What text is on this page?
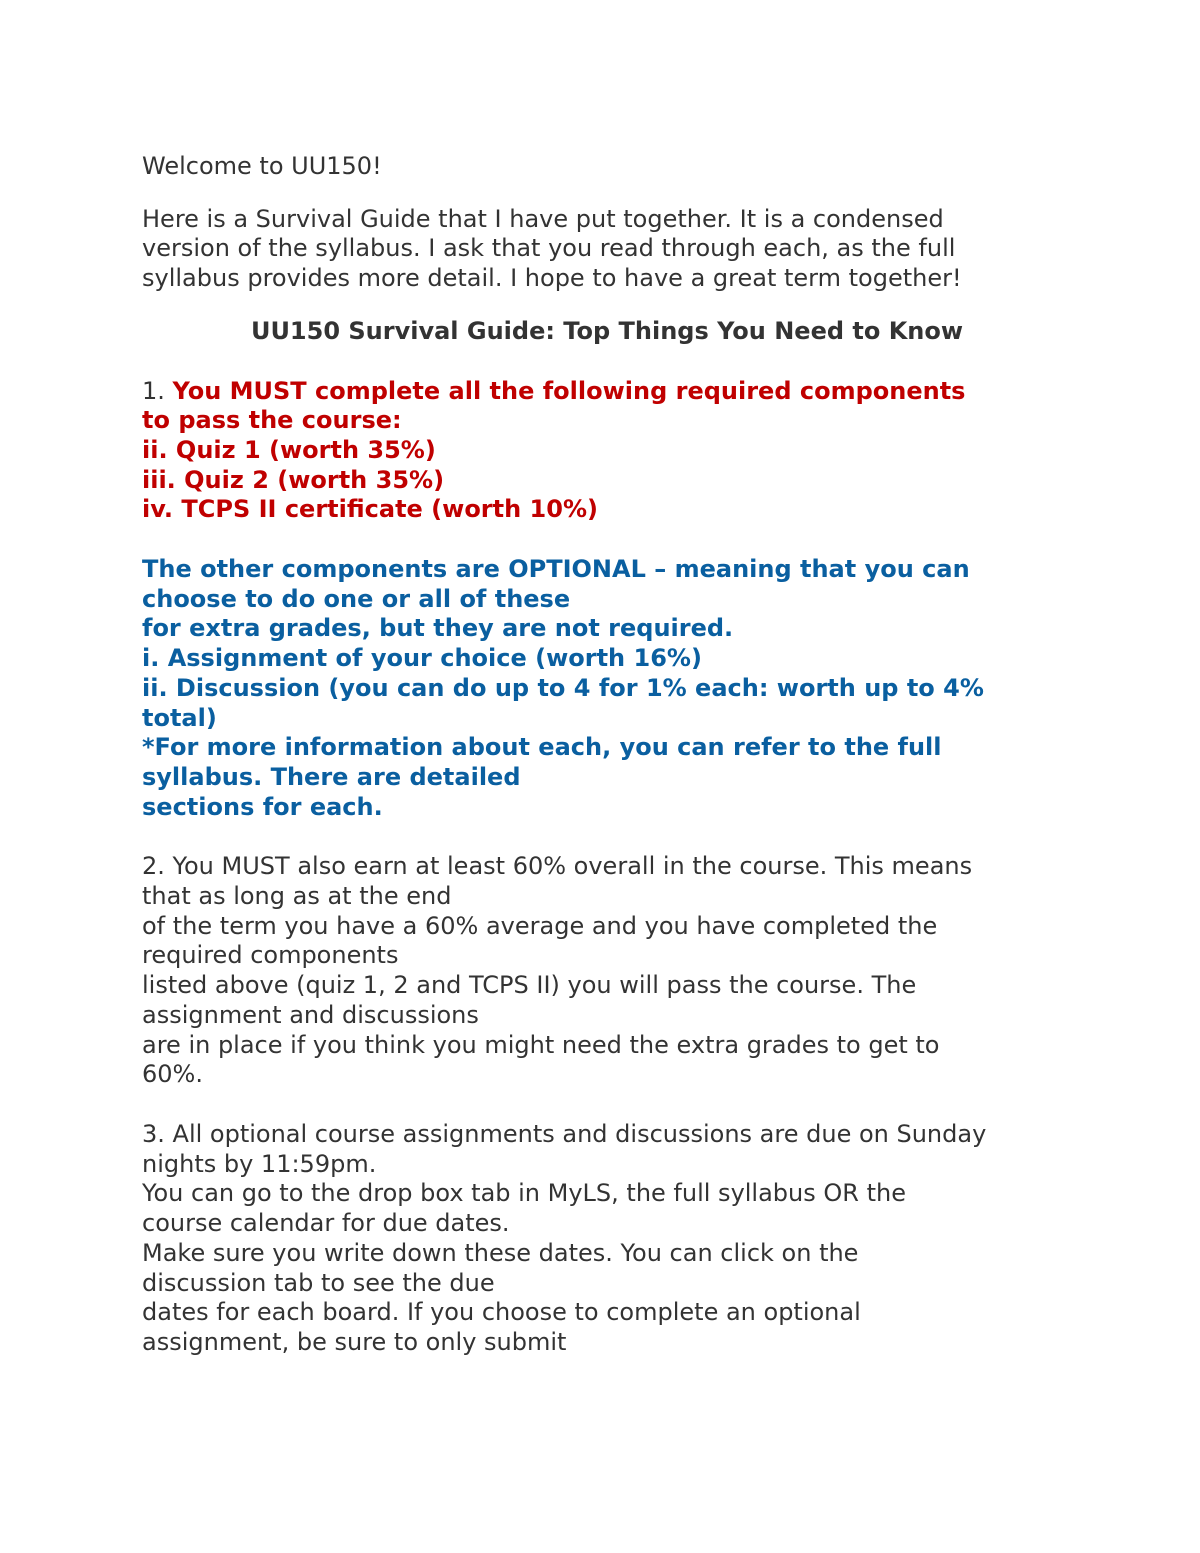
Welcome to UU150!

Here is a Survival Guide that I have put together. It is a condensed
version of the syllabus. I ask that you read through each, as the full
syllabus provides more detail. I hope to have a great term together!

UU150 Survival Guide: Top Things You Need to Know

1. You MUST complete all the following required components
to pass the course:
ii. Quiz 1 (worth 35%)
iii. Quiz 2 (worth 35%)
iv. TCPS II certificate (worth 10%)

The other components are OPTIONAL – meaning that you can
choose to do one or all of these
for extra grades, but they are not required.
i. Assignment of your choice (worth 16%)
ii. Discussion (you can do up to 4 for 1% each: worth up to 4%
total)
*For more information about each, you can refer to the full
syllabus. There are detailed
sections for each.

2. You MUST also earn at least 60% overall in the course. This means
that as long as at the end
of the term you have a 60% average and you have completed the
required components
listed above (quiz 1, 2 and TCPS II) you will pass the course. The
assignment and discussions
are in place if you think you might need the extra grades to get to
60%.

3. All optional course assignments and discussions are due on Sunday
nights by 11:59pm.
You can go to the drop box tab in MyLS, the full syllabus OR the
course calendar for due dates.
Make sure you write down these dates. You can click on the
discussion tab to see the due
dates for each board. If you choose to complete an optional
assignment, be sure to only submit
